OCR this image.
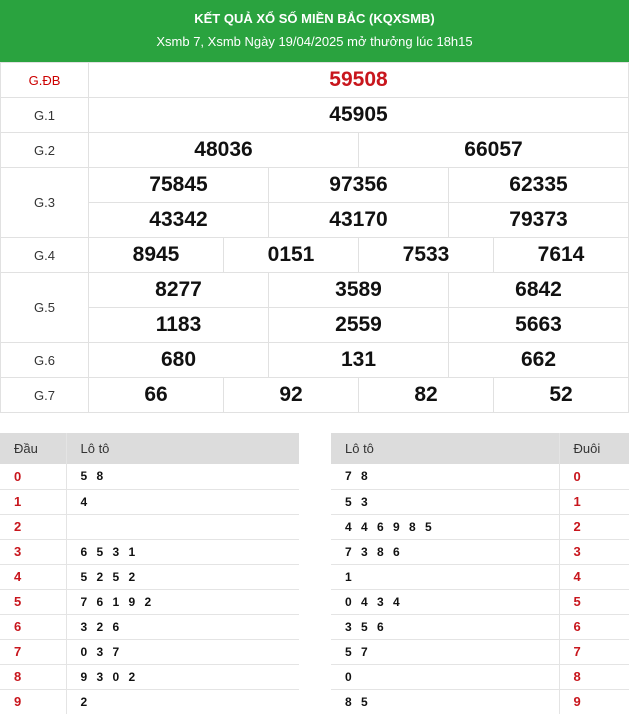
KẾT QUẢ XỔ SỐ MIỀN BẮC (KQXSMB)
Xsmb 7, Xsmb Ngày 19/04/2025 mở thưởng lúc 18h15
G.ĐB	59508					
G.1	45905					
G.2	48036			66057		
G.3	75845		97356		62335	
	43342		43170		79373	
G.4	8945	0151		7533		7614
G.5	8277		3589		6842	
	1183		2559		5663	
G.6	680		131		662	
G.7	66	92		82		52
Đầu	Lô tô
0	5 8
1	4
2	
3	6 5 3 1
4	5 2 5 2
5	7 6 1 9 2
6	3 2 6
7	0 3 7
8	9 3 0 2
9	2
Lô tô	Đuôi
7 8	0
5 3	1
4 4 6 9 8 5	2
7 3 8 6	3
1	4
0 4 3 4	5
3 5 6	6
5 7	7
0	8
8 5	9
